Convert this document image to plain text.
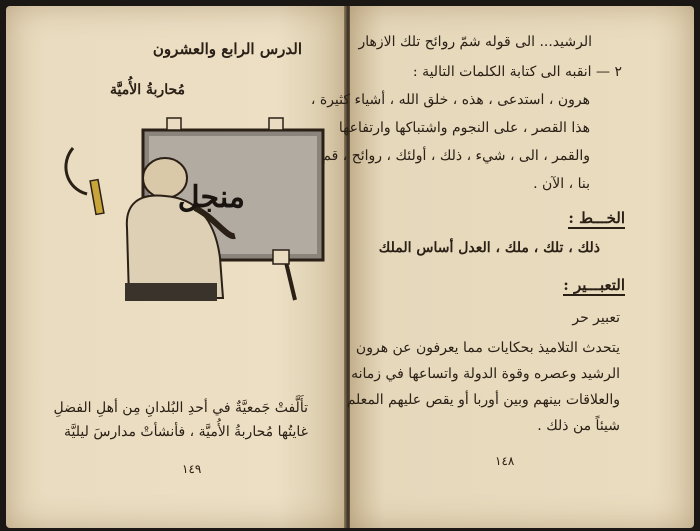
الدرس الرابع والعشرون
مُحاربةُ الأُميَّة
منجل
تأَلَّفتْ جَمعيَّةٌ في أحدِ البُلدانِ مِن أهلِ الفضلِ
غايتُها مُحاربةُ الأُميَّة ، فأنشأتْ مدارسَ ليليَّة
١٤٩
الرشيد... الى قوله شمّ روائح تلك الازهار
٢ — انقبه الى كتابة الكلمات التالية :
هرون ، استدعى ، هذه ، خلق الله ، أشياء كثيرة ،
هذا القصر ، على النجوم واشتباكها وارتفاعها
والقمر ، الى ، شيء ، ذلك ، أولئك ، روائح ، قم
بنا ، الآن .
الخـــط :
ذلك ، تلك ، ملك ، العدل أساس الملك
التعبـــير :
تعبير حر
يتحدث التلاميذ بحكايات مما يعرفون عن هرون
الرشيد وعصره وقوة الدولة واتساعها في زمانه
والعلاقات بينهم وبين أوربا أو يقص عليهم المعلم
شيئاً من ذلك .
١٤٨
